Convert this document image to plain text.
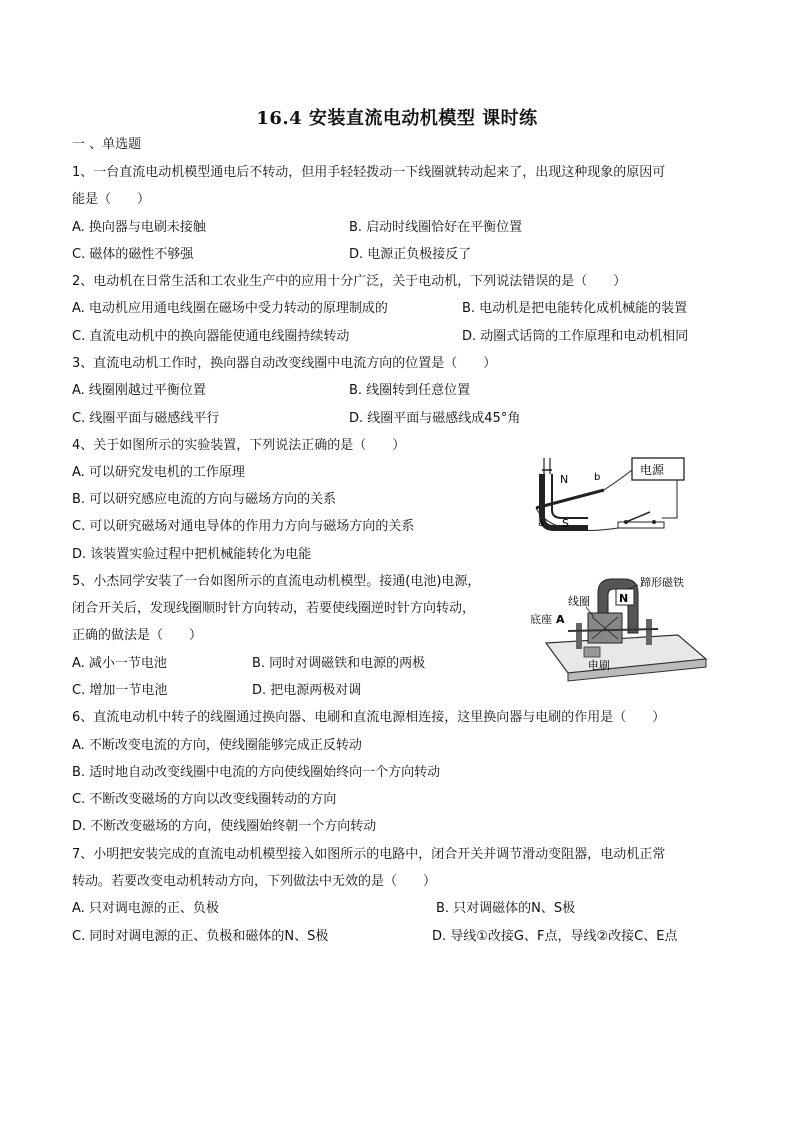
16.4 安装直流电动机模型 课时练
一 、单选题
1、一台直流电动机模型通电后不转动，但用手轻轻拨动一下线圈就转动起来了，出现这种现象的原因可
能是（　　）
A. 换向器与电刷未接触	B. 启动时线圈恰好在平衡位置
C. 磁体的磁性不够强	D. 电源正负极接反了
2、电动机在日常生活和工农业生产中的应用十分广泛，关于电动机，下列说法错误的是（　　）
A. 电动机应用通电线圈在磁场中受力转动的原理制成的	B. 电动机是把电能转化成机械能的装置
C. 直流电动机中的换向器能使通电线圈持续转动	D. 动圈式话筒的工作原理和电动机相同
3、直流电动机工作时，换向器自动改变线圈中电流方向的位置是（　　）
A. 线圈刚越过平衡位置	B. 线圈转到任意位置
C. 线圈平面与磁感线平行	D. 线圈平面与磁感线成45°角
4、关于如图所示的实验装置，下列说法正确的是（　　）
A. 可以研究发电机的工作原理
B. 可以研究感应电流的方向与磁场方向的关系
C. 可以研究磁场对通电导体的作用力方向与磁场方向的关系
D. 该装置实验过程中把机械能转化为电能
N
S
a
b
电源
5、小杰同学安装了一台如图所示的直流电动机模型。接通(电池)电源，
闭合开关后，发现线圈顺时针方向转动，若要使线圈逆时针方向转动，
正确的做法是（　　）
A. 减小一节电池	B. 同时对调磁铁和电源的两极
C. 增加一节电池	D. 把电源两极对调
N
蹄形磁铁
线圈
底座 A
电刷
6、直流电动机中转子的线圈通过换向器、电刷和直流电源相连接，这里换向器与电刷的作用是（　　）
A. 不断改变电流的方向，使线圈能够完成正反转动
B. 适时地自动改变线圈中电流的方向使线圈始终向一个方向转动
C. 不断改变磁场的方向以改变线圈转动的方向
D. 不断改变磁场的方向，使线圈始终朝一个方向转动
7、小明把安装完成的直流电动机模型接入如图所示的电路中，闭合开关并调节滑动变阻器，电动机正常
转动。若要改变电动机转动方向，下列做法中无效的是（　　）
A. 只对调电源的正、负极	B. 只对调磁体的N、S极
C. 同时对调电源的正、负极和磁体的N、S极	D. 导线①改接G、F点，导线②改接C、E点
